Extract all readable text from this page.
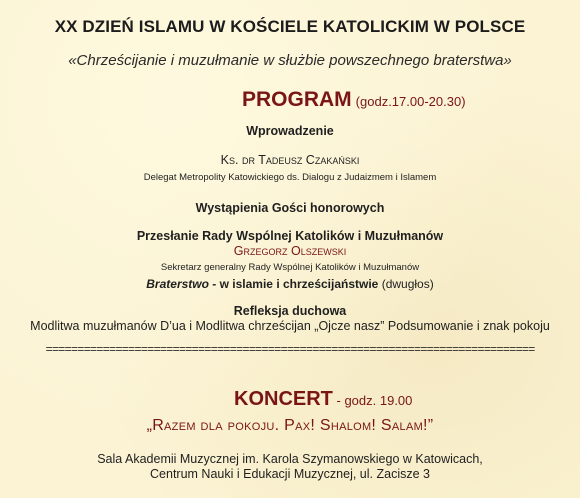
XX DZIEŃ ISLAMU W KOŚCIELE KATOLICKIM W POLSCE
«Chrześcijanie i muzułmanie w służbie powszechnego braterstwa»
PROGRAM (godz.17.00-20.30)
Wprowadzenie
Ks. dr Tadeusz Czakański
Delegat Metropolity Katowickiego ds. Dialogu z Judaizmem i Islamem
Wystąpienia Gości honorowych
Przesłanie Rady Wspólnej Katolików i Muzułmanów
Grzegorz Olszewski
Sekretarz generalny Rady Wspólnej Katolików i Muzułmanów
Braterstwo - w islamie i chrześcijaństwie (dwugłos)
Refleksja duchowa
Modlitwa muzułmanów D’ua i Modlitwa chrześcijan „Ojcze nasz” Podsumowanie i znak pokoju
=============================================================================
KONCERT - godz. 19.00
„Razem dla pokoju. Pax! Shalom! Salam!”
Sala Akademii Muzycznej im. Karola Szymanowskiego w Katowicach,
Centrum Nauki i Edukacji Muzycznej, ul. Zacisze 3
